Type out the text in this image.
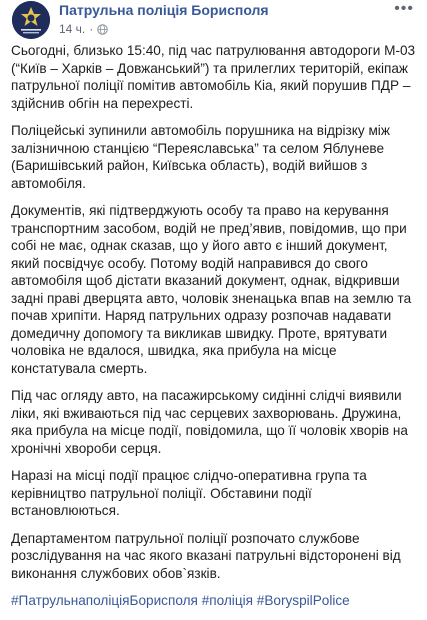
Патрульна поліція Борисполя
14 ч. ·
•••

Сьогодні, близько 15:40, під час патрулювання автодороги М-03 (“Київ – Харків – Довжанський”) та прилеглих територій, екіпаж патрульної поліції помітив автомобіль Кіа, який порушив ПДР – здійснив обгін на перехресті.

Поліцейські зупинили автомобіль порушника на відрізку між залізничною станцією “Переяславська” та селом Яблуневе (Баришівський район, Київська область), водій вийшов з автомобіля.

Документів, які підтверджують особу та право на керування транспортним засобом, водій не пред’явив, повідомив, що при собі не має, однак сказав, що у його авто є інший документ, який посвідчує особу. Потому водій направився до свого автомобіля щоб дістати вказаний документ, однак, відкривши задні праві дверцята авто, чоловік зненацька впав на землю та почав хрипіти. Наряд патрульних одразу розпочав надавати домедичну допомогу та викликав швидку. Проте, врятувати чоловіка не вдалося, швидка, яка прибула на місце констатувала смерть.

Під час огляду авто, на пасажирському сидінні слідчі виявили ліки, які вживаються під час серцевих захворювань. Дружина, яка прибула на місце події, повідомила, що її чоловік хворів на хронічні хвороби серця.

Наразі на місці події працює слідчо-оперативна група та керівництво патрульної поліції. Обставини події встановлюються.

Департаментом патрульної поліції розпочато службове розслідування на час якого вказані патрульні відсторонені від виконання службових обов`язків.

#ПатрульнаполіціяБорисполя #поліція #BoryspilPolice
